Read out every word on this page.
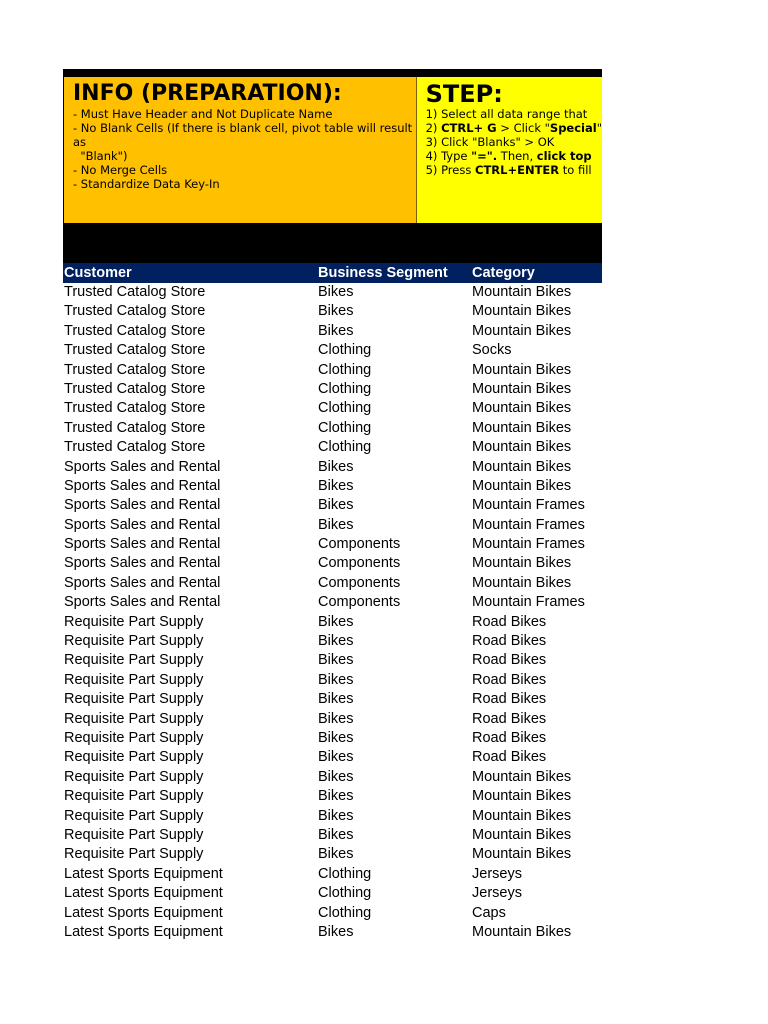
INFO (PREPARATION):
- Must Have Header and Not Duplicate Name
- No Blank Cells (If there is blank cell, pivot table will result as
"Blank")
- No Merge Cells
- Standardize Data Key-In
STEP:
1) Select all data range that
2) CTRL+ G > Click "Special"
3) Click "Blanks" > OK
4) Type "=". Then, click top
5) Press CTRL+ENTER to fill
Customer	Business Segment	Category
Trusted Catalog Store	Bikes	Mountain Bikes
Trusted Catalog Store	Bikes	Mountain Bikes
Trusted Catalog Store	Bikes	Mountain Bikes
Trusted Catalog Store	Clothing	Socks
Trusted Catalog Store	Clothing	Mountain Bikes
Trusted Catalog Store	Clothing	Mountain Bikes
Trusted Catalog Store	Clothing	Mountain Bikes
Trusted Catalog Store	Clothing	Mountain Bikes
Trusted Catalog Store	Clothing	Mountain Bikes
Sports Sales and Rental	Bikes	Mountain Bikes
Sports Sales and Rental	Bikes	Mountain Bikes
Sports Sales and Rental	Bikes	Mountain Frames
Sports Sales and Rental	Bikes	Mountain Frames
Sports Sales and Rental	Components	Mountain Frames
Sports Sales and Rental	Components	Mountain Bikes
Sports Sales and Rental	Components	Mountain Bikes
Sports Sales and Rental	Components	Mountain Frames
Requisite Part Supply	Bikes	Road Bikes
Requisite Part Supply	Bikes	Road Bikes
Requisite Part Supply	Bikes	Road Bikes
Requisite Part Supply	Bikes	Road Bikes
Requisite Part Supply	Bikes	Road Bikes
Requisite Part Supply	Bikes	Road Bikes
Requisite Part Supply	Bikes	Road Bikes
Requisite Part Supply	Bikes	Road Bikes
Requisite Part Supply	Bikes	Mountain Bikes
Requisite Part Supply	Bikes	Mountain Bikes
Requisite Part Supply	Bikes	Mountain Bikes
Requisite Part Supply	Bikes	Mountain Bikes
Requisite Part Supply	Bikes	Mountain Bikes
Latest Sports Equipment	Clothing	Jerseys
Latest Sports Equipment	Clothing	Jerseys
Latest Sports Equipment	Clothing	Caps
Latest Sports Equipment	Bikes	Mountain Bikes
